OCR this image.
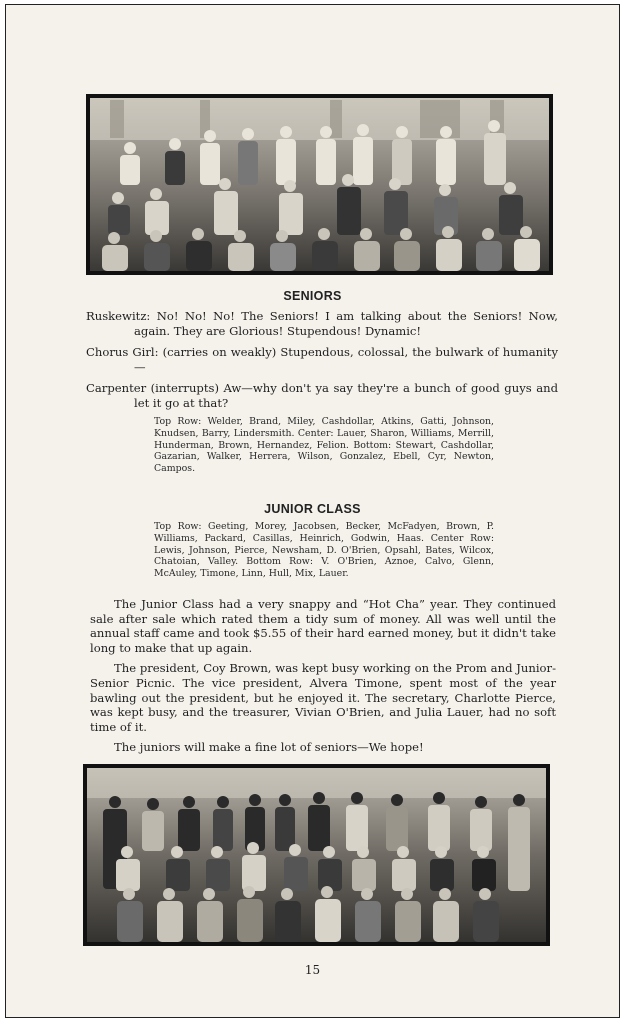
SENIORS

Ruskewitz: No! No! No! The Seniors! I am talking about the Seniors! Now, again. They are Glorious! Stupendous! Dynamic!

Chorus Girl: (carries on weakly) Stupendous, colossal, the bulwark of humanity—

Carpenter (interrupts) Aw—why don't ya say they're a bunch of good guys and let it go at that?

Top Row: Welder, Brand, Miley, Cashdollar, Atkins, Gatti, Johnson, Knudsen, Barry, Lindersmith. Center: Lauer, Sharon, Williams, Merrill, Hunderman, Brown, Hernandez, Felion. Bottom: Stewart, Cashdollar, Gazarian, Walker, Herrera, Wilson, Gonzalez, Ebell, Cyr, Newton, Campos.
JUNIOR CLASS
Top Row: Geeting, Morey, Jacobsen, Becker, McFadyen, Brown, P. Williams, Packard, Casillas, Heinrich, Godwin, Haas. Center Row: Lewis, Johnson, Pierce, Newsham, D. O'Brien, Opsahl, Bates, Wilcox, Chatoian, Valley. Bottom Row: V. O'Brien, Aznoe, Calvo, Glenn, McAuley, Timone, Linn, Hull, Mix, Lauer.

The Junior Class had a very snappy and “Hot Cha” year. They continued sale after sale which rated them a tidy sum of money. All was well until the annual staff came and took $5.55 of their hard earned money, but it didn't take long to make that up again.

The president, Coy Brown, was kept busy working on the Prom and Junior-Senior Picnic. The vice president, Alvera Timone, spent most of the year bawling out the president, but he enjoyed it. The secretary, Charlotte Pierce, was kept busy, and the treasurer, Vivian O'Brien, and Julia Lauer, had no soft time of it.

The juniors will make a fine lot of seniors—We hope!

15
